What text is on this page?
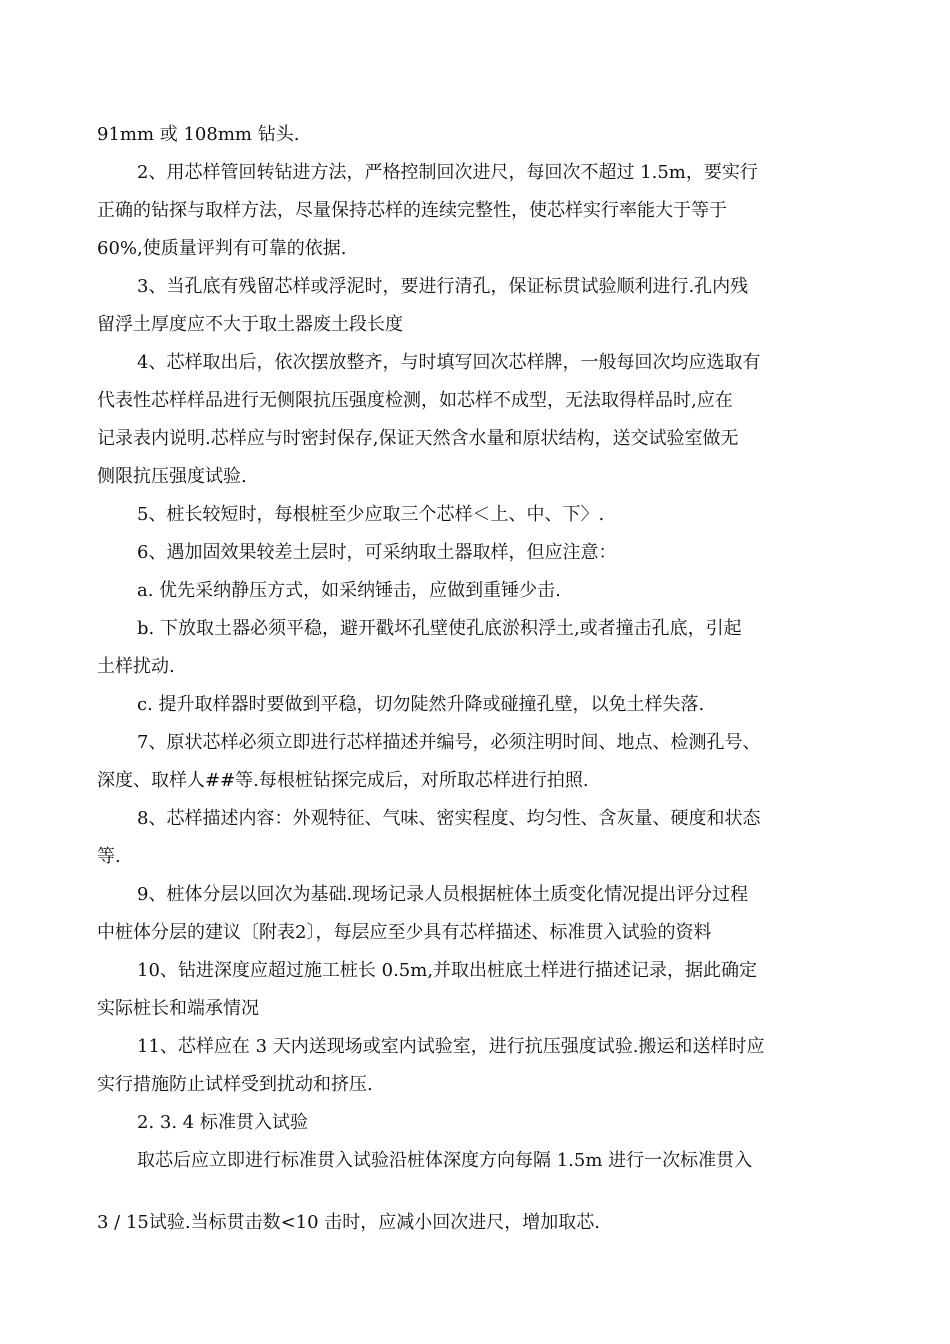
91mm 或 108mm 钻头.
2、用芯样管回转钻进方法，严格控制回次进尺，每回次不超过 1.5m，要实行
正确的钻探与取样方法，尽量保持芯样的连续完整性，使芯样实行率能大于等于
60%,使质量评判有可靠的依据.
3、当孔底有残留芯样或浮泥时，要进行清孔，保证标贯试验顺利进行.孔内残
留浮土厚度应不大于取土器废土段长度
4、芯样取出后，依次摆放整齐，与时填写回次芯样牌，一般每回次均应选取有
代表性芯样样品进行无侧限抗压强度检测，如芯样不成型，无法取得样品时,应在
记录表内说明.芯样应与时密封保存,保证天然含水量和原状结构，送交试验室做无
侧限抗压强度试验.
5、桩长较短时，每根桩至少应取三个芯样＜上、中、下〉.
6、遇加固效果较差土层时，可采纳取土器取样，但应注意：
a. 优先采纳静压方式，如采纳锤击，应做到重锤少击.
b. 下放取土器必须平稳，避开戳坏孔壁使孔底淤积浮土,或者撞击孔底，引起
土样扰动.
c. 提升取样器时要做到平稳，切勿陡然升降或碰撞孔壁，以免土样失落.
7、原状芯样必须立即进行芯样描述并编号，必须注明时间、地点、检测孔号、
深度、取样人##等.每根桩钻探完成后，对所取芯样进行拍照.
8、芯样描述内容：外观特征、气味、密实程度、均匀性、含灰量、硬度和状态
等.
9、桩体分层以回次为基础.现场记录人员根据桩体土质变化情况提出评分过程
中桩体分层的建议〔附表2〕，每层应至少具有芯样描述、标准贯入试验的资料
10、钻进深度应超过施工桩长 0.5m,并取出桩底土样进行描述记录，据此确定
实际桩长和端承情况
11、芯样应在 3 天内送现场或室内试验室，进行抗压强度试验.搬运和送样时应
实行措施防止试样受到扰动和挤压.
2. 3. 4 标准贯入试验
取芯后应立即进行标准贯入试验沿桩体深度方向每隔 1.5m 进行一次标准贯入
3 / 15试验.当标贯击数<10 击时，应减小回次进尺，增加取芯.
